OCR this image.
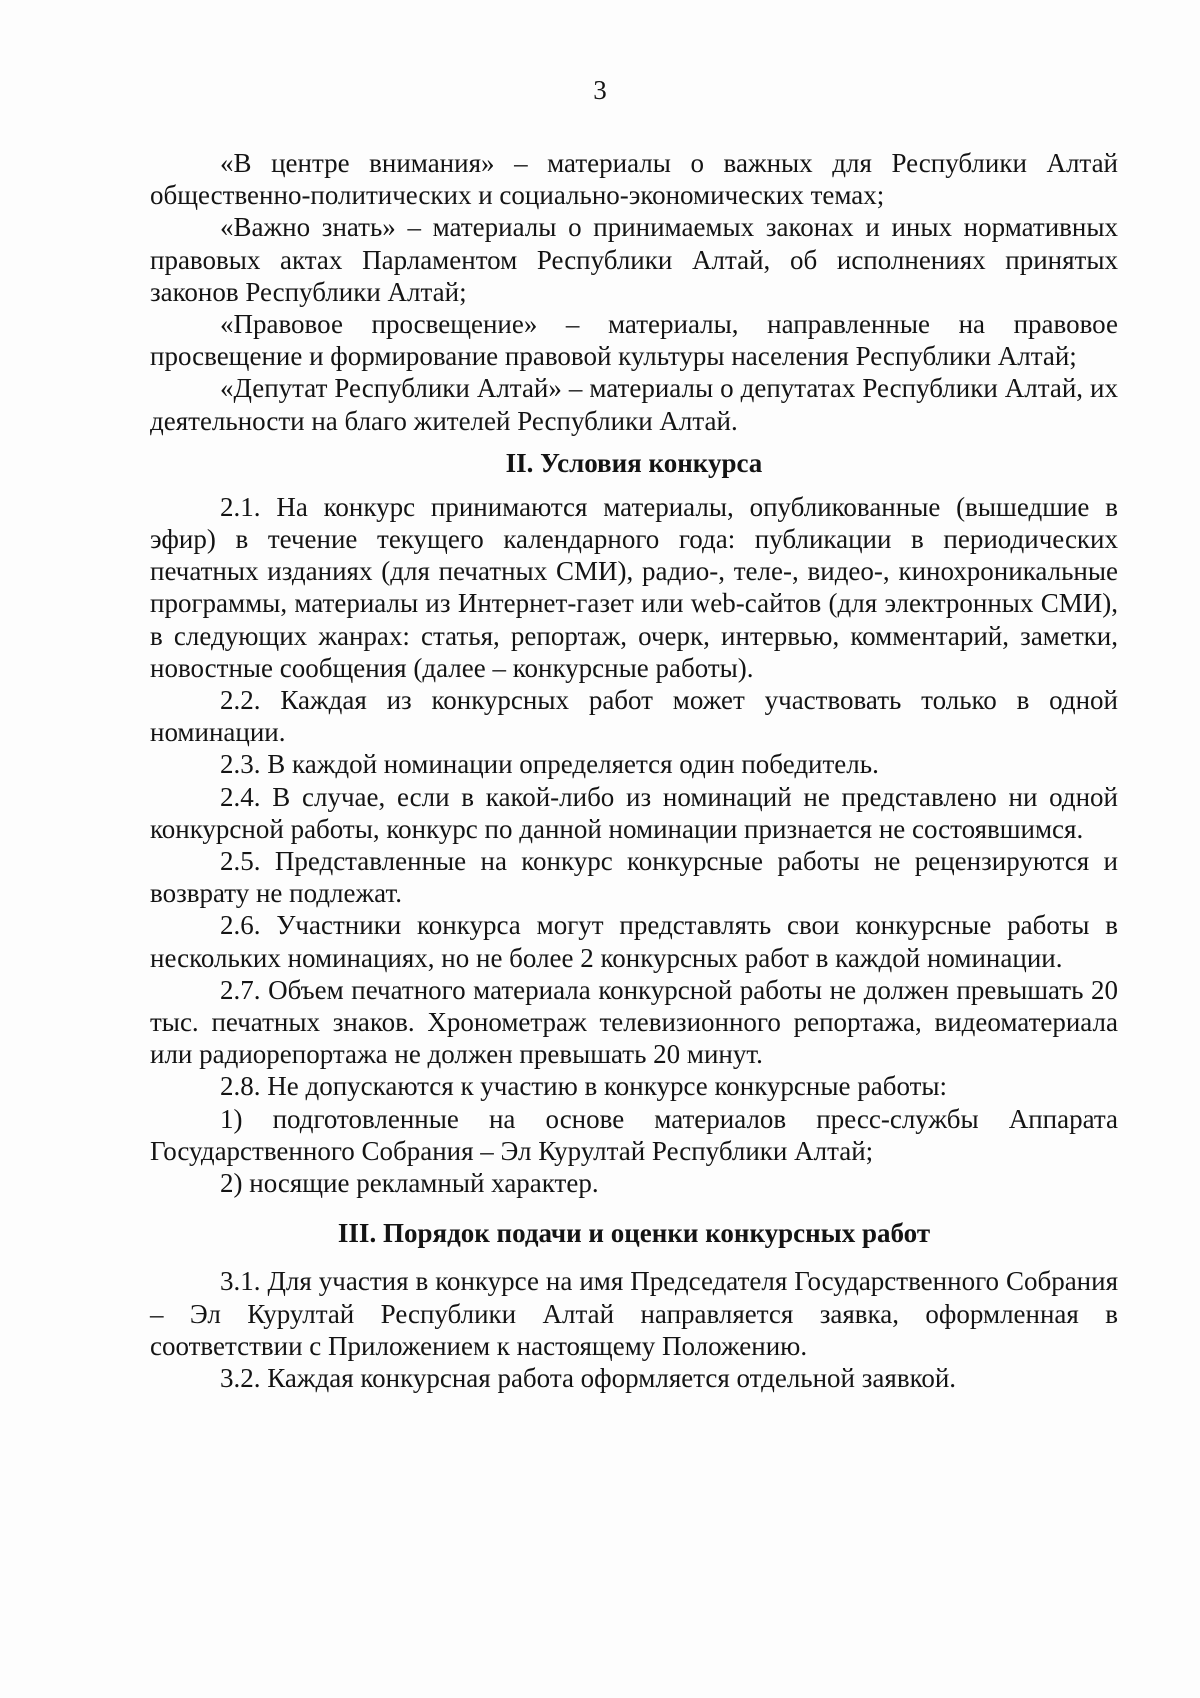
3

«В центре внимания» – материалы о важных для Республики Алтай общественно-политических и социально-экономических темах;

«Важно знать» – материалы о принимаемых законах и иных нормативных правовых актах Парламентом Республики Алтай, об исполнениях принятых законов Республики Алтай;

«Правовое просвещение» – материалы, направленные на правовое просвещение и формирование правовой культуры населения Республики Алтай;

«Депутат Республики Алтай» – материалы о депутатах Республики Алтай, их деятельности на благо жителей Республики Алтай.

II. Условия конкурса

2.1. На конкурс принимаются материалы, опубликованные (вышедшие в эфир) в течение текущего календарного года: публикации в периодических печатных изданиях (для печатных СМИ), радио-, теле-, видео-, кинохроникальные программы, материалы из Интернет-газет или web-сайтов (для электронных СМИ), в следующих жанрах: статья, репортаж, очерк, интервью, комментарий, заметки, новостные сообщения (далее – конкурсные работы).

2.2. Каждая из конкурсных работ может участвовать только в одной номинации.

2.3. В каждой номинации определяется один победитель.

2.4. В случае, если в какой-либо из номинаций не представлено ни одной конкурсной работы, конкурс по данной номинации признается не состоявшимся.

2.5. Представленные на конкурс конкурсные работы не рецензируются и возврату не подлежат.

2.6. Участники конкурса могут представлять свои конкурсные работы в нескольких номинациях, но не более 2 конкурсных работ в каждой номинации.

2.7. Объем печатного материала конкурсной работы не должен превышать 20 тыс. печатных знаков. Хронометраж телевизионного репортажа, видеоматериала или радиорепортажа не должен превышать 20 минут.

2.8. Не допускаются к участию в конкурсе конкурсные работы:

1) подготовленные на основе материалов пресс-службы Аппарата Государственного Собрания – Эл Курултай Республики Алтай;

2) носящие рекламный характер.

III. Порядок подачи и оценки конкурсных работ

3.1. Для участия в конкурсе на имя Председателя Государственного Собрания – Эл Курултай Республики Алтай направляется заявка, оформленная в соответствии с Приложением к настоящему Положению.

3.2. Каждая конкурсная работа оформляется отдельной заявкой.
